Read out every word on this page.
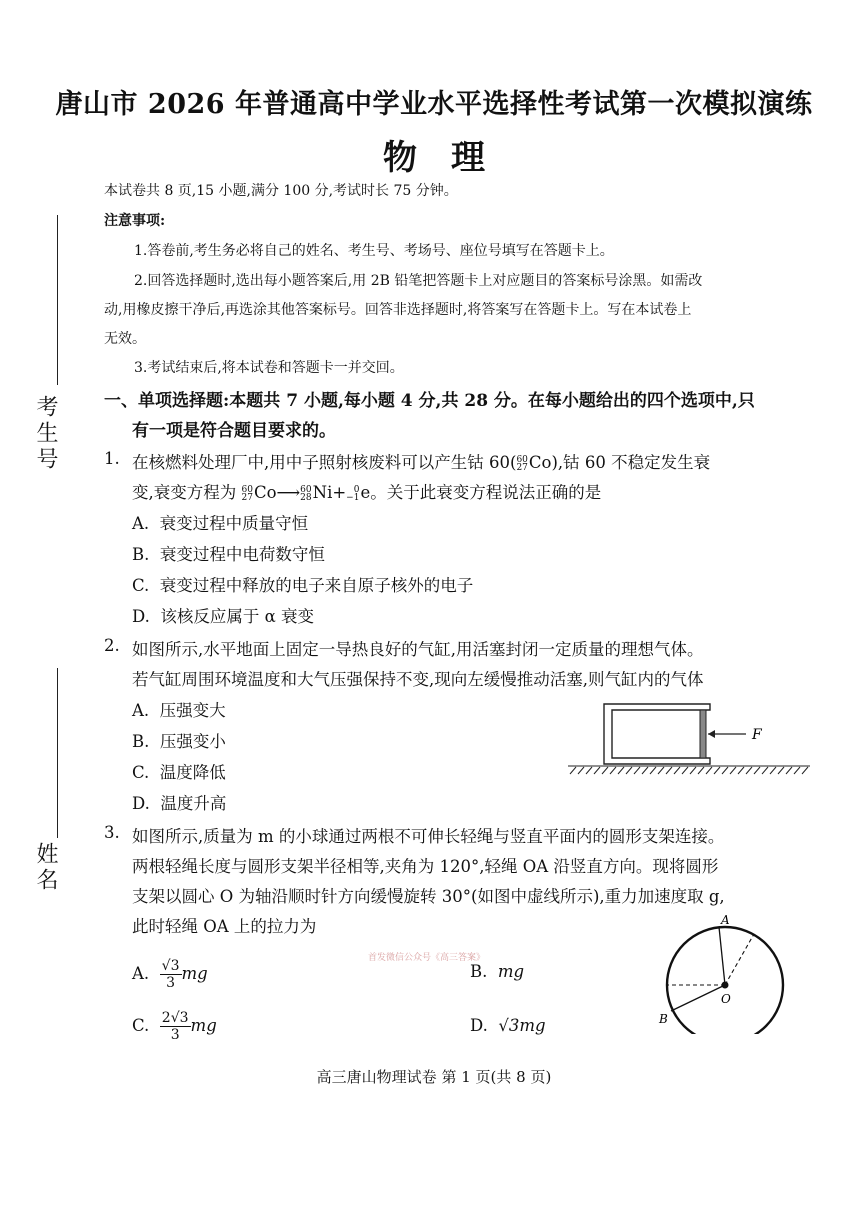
唐山市 2026 年普通高中学业水平选择性考试第一次模拟演练
物理
考生号
姓名
本试卷共 8 页,15 小题,满分 100 分,考试时长 75 分钟。
注意事项:
1.答卷前,考生务必将自己的姓名、考生号、考场号、座位号填写在答题卡上。
2.回答选择题时,选出每小题答案后,用 2B 铅笔把答题卡上对应题目的答案标号涂黑。如需改
动,用橡皮擦干净后,再选涂其他答案标号。回答非选择题时,将答案写在答题卡上。写在本试卷上
无效。
3.考试结束后,将本试卷和答题卡一并交回。
一、单项选择题:本题共 7 小题,每小题 4 分,共 28 分。在每小题给出的四个选项中,只
有一项是符合题目要求的。
1. 在核燃料处理厂中,用中子照射核废料可以产生钴 60(60
27Co),钴 60 不稳定发生衰
变,衰变方程为 60
27Co⟶60
28Ni+ 0
−1e。关于此衰变方程说法正确的是
A. 衰变过程中质量守恒
B. 衰变过程中电荷数守恒
C. 衰变过程中释放的电子来自原子核外的电子
D. 该核反应属于 α 衰变
2. 如图所示,水平地面上固定一导热良好的气缸,用活塞封闭一定质量的理想气体。
若气缸周围环境温度和大气压强保持不变,现向左缓慢推动活塞,则气缸内的气体
A. 压强变大
B. 压强变小
C. 温度降低
D. 温度升高
F
3. 如图所示,质量为 m 的小球通过两根不可伸长轻绳与竖直平面内的圆形支架连接。
两根轻绳长度与圆形支架半径相等,夹角为 120°,轻绳 OA 沿竖直方向。现将圆形
支架以圆心 O 为轴沿顺时针方向缓慢旋转 30°(如图中虚线所示),重力加速度取 g,
此时轻绳 OA 上的拉力为
首发微信公众号《高三答案》
A. $\frac{√3}{3}$ mg	B. mg
C. $\frac{2√3}{3}$ mg	D. √3mg
A
B
O
高三唐山物理试卷 第 1 页(共 8 页)
